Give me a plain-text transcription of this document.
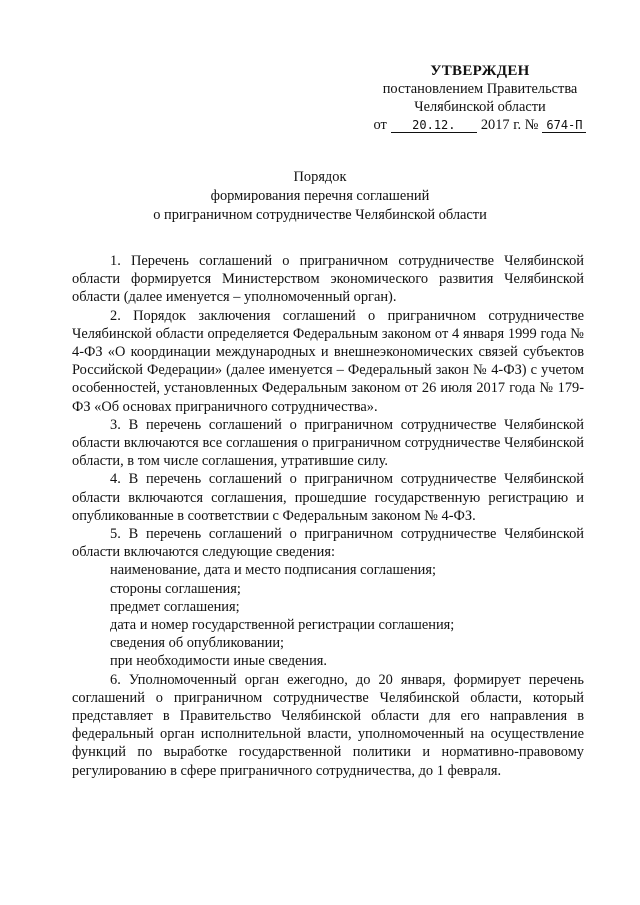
УТВЕРЖДЕН
постановлением Правительства
Челябинской области
от	20.12.	2017 г. № 674-П
Порядок
формирования перечня соглашений
о приграничном сотрудничестве Челябинской области

1. Перечень соглашений о приграничном сотрудничестве Челябинской области формируется Министерством экономического развития Челябинской области (далее именуется – уполномоченный орган).

2. Порядок заключения соглашений о приграничном сотрудничестве Челябинской области определяется Федеральным законом от 4 января 1999 года № 4-ФЗ «О координации международных и внешнеэкономических связей субъектов Российской Федерации» (далее именуется – Федеральный закон № 4-ФЗ) с учетом особенностей, установленных Федеральным законом от 26 июля 2017 года № 179-ФЗ «Об основах приграничного сотрудничества».

3. В перечень соглашений о приграничном сотрудничестве Челябинской области включаются все соглашения о приграничном сотрудничестве Челябинской области, в том числе соглашения, утратившие силу.

4. В перечень соглашений о приграничном сотрудничестве Челябинской области включаются соглашения, прошедшие государственную регистрацию и опубликованные в соответствии с Федеральным законом № 4-ФЗ.

5. В перечень соглашений о приграничном сотрудничестве Челябинской области включаются следующие сведения:

наименование, дата и место подписания соглашения;
стороны соглашения;
предмет соглашения;
дата и номер государственной регистрации соглашения;
сведения об опубликовании;
при необходимости иные сведения.

6. Уполномоченный орган ежегодно, до 20 января, формирует перечень соглашений о приграничном сотрудничестве Челябинской области, который представляет в Правительство Челябинской области для его направления в федеральный орган исполнительной власти, уполномоченный на осуществление функций по выработке государственной политики и нормативно-правовому регулированию в сфере приграничного сотрудничества, до 1 февраля.
